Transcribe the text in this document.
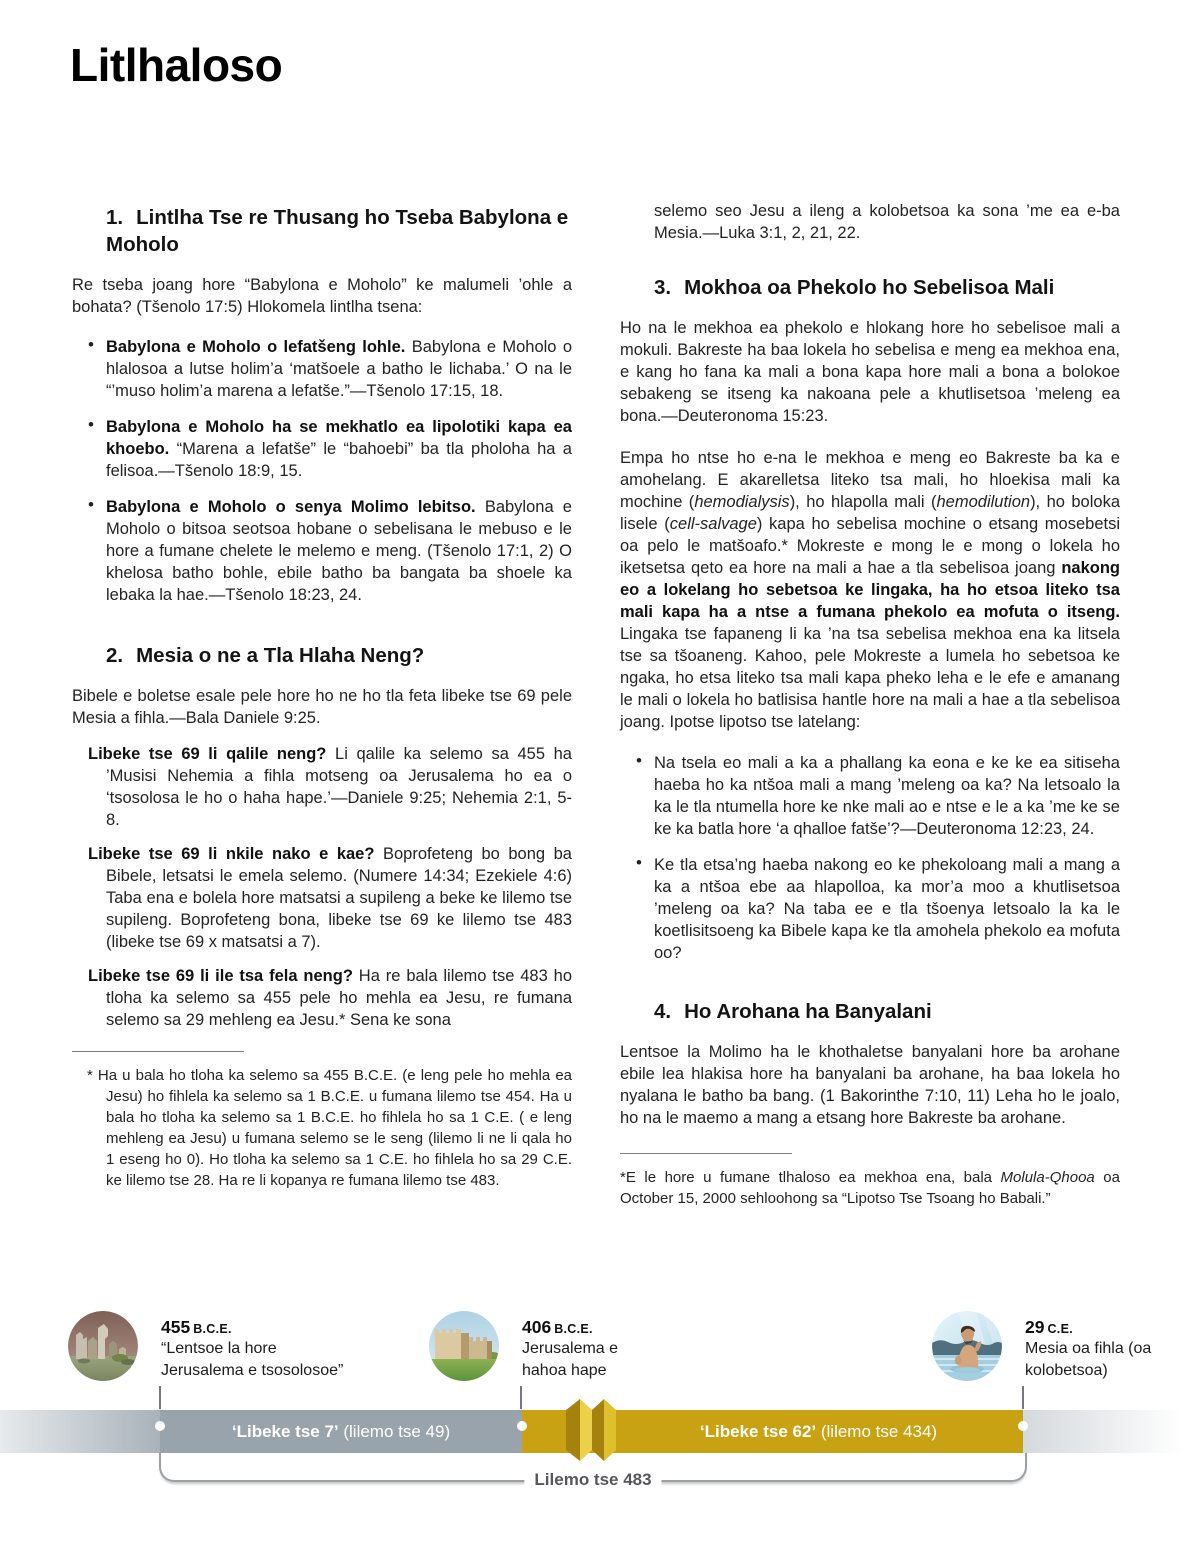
Litlhaloso
1. Lintlha Tse re Thusang ho Tseba Babylona e Moholo

Re tseba joang hore “Babylona e Moholo” ke malumeli ’ohle a bohata? (Tšenolo 17:5) Hlokomela lintlha tsena:

• Babylona e Moholo o lefatšeng lohle. Babylona e Moholo o hlalosoa a lutse holim’a ‘matšoele a batho le lichaba.’ O na le “’muso holim’a marena a lefatše.”—Tšenolo 17:15, 18.

• Babylona e Moholo ha se mekhatlo ea lipolotiki kapa ea khoebo. “Marena a lefatše” le “bahoebi” ba tla pholoha ha a felisoa.—Tšenolo 18:9, 15.

• Babylona e Moholo o senya Molimo lebitso. Babylona e Moholo o bitsoa seotsoa hobane o sebelisana le mebuso e le hore a fumane chelete le melemo e meng. (Tšenolo 17:1, 2) O khelosa batho bohle, ebile batho ba bangata ba shoele ka lebaka la hae.—Tšenolo 18:23, 24.

2. Mesia o ne a Tla Hlaha Neng?

Bibele e boletse esale pele hore ho ne ho tla feta libeke tse 69 pele Mesia a fihla.—Bala Daniele 9:25.

Libeke tse 69 li qalile neng? Li qalile ka selemo sa 455 ha ’Musisi Nehemia a fihla motseng oa Jerusalema ho ea o ‘tsosolosa le ho o haha hape.’—Daniele 9:25; Nehemia 2:1, 5-8.

Libeke tse 69 li nkile nako e kae? Boprofeteng bo bong ba Bibele, letsatsi le emela selemo. (Numere 14:34; Ezekiele 4:6) Taba ena e bolela hore matsatsi a supileng a beke ke lilemo tse supileng. Boprofeteng bona, libeke tse 69 ke lilemo tse 483 (libeke tse 69 x matsatsi a 7).

Libeke tse 69 li ile tsa fela neng? Ha re bala lilemo tse 483 ho tloha ka selemo sa 455 pele ho mehla ea Jesu, re fumana selemo sa 29 mehleng ea Jesu.* Sena ke sona

* Ha u bala ho tloha ka selemo sa 455 B.C.E. (e leng pele ho mehla ea Jesu) ho fihlela ka selemo sa 1 B.C.E. u fumana lilemo tse 454. Ha u bala ho tloha ka selemo sa 1 B.C.E. ho fihlela ho sa 1 C.E. ( e leng mehleng ea Jesu) u fumana selemo se le seng (lilemo li ne li qala ho 1 eseng ho 0). Ho tloha ka selemo sa 1 C.E. ho fihlela ho sa 29 C.E. ke lilemo tse 28. Ha re li kopanya re fumana lilemo tse 483.

selemo seo Jesu a ileng a kolobetsoa ka sona ’me ea e-ba Mesia.—Luka 3:1, 2, 21, 22.

3. Mokhoa oa Phekolo ho Sebelisoa Mali

Ho na le mekhoa ea phekolo e hlokang hore ho sebelisoe mali a mokuli. Bakreste ha baa lokela ho sebelisa e meng ea mekhoa ena, e kang ho fana ka mali a bona kapa hore mali a bona a bolokoe sebakeng se itseng ka nakoana pele a khutlisetsoa ’meleng ea bona.—Deuteronoma 15:23.

Empa ho ntse ho e-na le mekhoa e meng eo Bakreste ba ka e amohelang. E akarelletsa liteko tsa mali, ho hloekisa mali ka mochine (hemodialysis), ho hlapolla mali (hemodilution), ho boloka lisele (cell-salvage) kapa ho sebelisa mochine o etsang mosebetsi oa pelo le matšoafo.* Mokreste e mong le e mong o lokela ho iketsetsa qeto ea hore na mali a hae a tla sebelisoa joang nakong eo a lokelang ho sebetsoa ke lingaka, ha ho etsoa liteko tsa mali kapa ha a ntse a fumana phekolo ea mofuta o itseng. Lingaka tse fapaneng li ka ’na tsa sebelisa mekhoa ena ka litsela tse sa tšoaneng. Kahoo, pele Mokreste a lumela ho sebetsoa ke ngaka, ho etsa liteko tsa mali kapa pheko leha e le efe e amanang le mali o lokela ho batlisisa hantle hore na mali a hae a tla sebelisoa joang. Ipotse lipotso tse latelang:

• Na tsela eo mali a ka a phallang ka eona e ke ke ea sitiseha haeba ho ka ntšoa mali a mang ’meleng oa ka? Na letsoalo la ka le tla ntumella hore ke nke mali ao e ntse e le a ka ’me ke se ke ka batla hore ‘a qhalloe fatše’?—Deuteronoma 12:23, 24.

• Ke tla etsa’ng haeba nakong eo ke phekoloang mali a mang a ka a ntšoa ebe aa hlapolloa, ka mor’a moo a khutlisetsoa ’meleng oa ka? Na taba ee e tla tšoenya letsoalo la ka le koetlisitsoeng ka Bibele kapa ke tla amohela phekolo ea mofuta oo?

4. Ho Arohana ha Banyalani

Lentsoe la Molimo ha le khothaletse banyalani hore ba arohane ebile lea hlakisa hore ha banyalani ba arohane, ha baa lokela ho nyalana le batho ba bang. (1 Bakorinthe 7:10, 11) Leha ho le joalo, ho na le maemo a mang a etsang hore Bakreste ba arohane.

*E le hore u fumane tlhaloso ea mekhoa ena, bala Molula-Qhooa oa October 15, 2000 sehloohong sa “Lipotso Tse Tsoang ho Babali.”

455 B.C.E.
“Lentsoe la hore
Jerusalema e tsosolosoe”
406 B.C.E.
Jerusalema e
hahoa hape
29 C.E.
Mesia oa fihla (oa
kolobetsoa)
‘Libeke tse 7’ (lilemo tse 49)	‘Libeke tse 62’ (lilemo tse 434)
Lilemo tse 483
